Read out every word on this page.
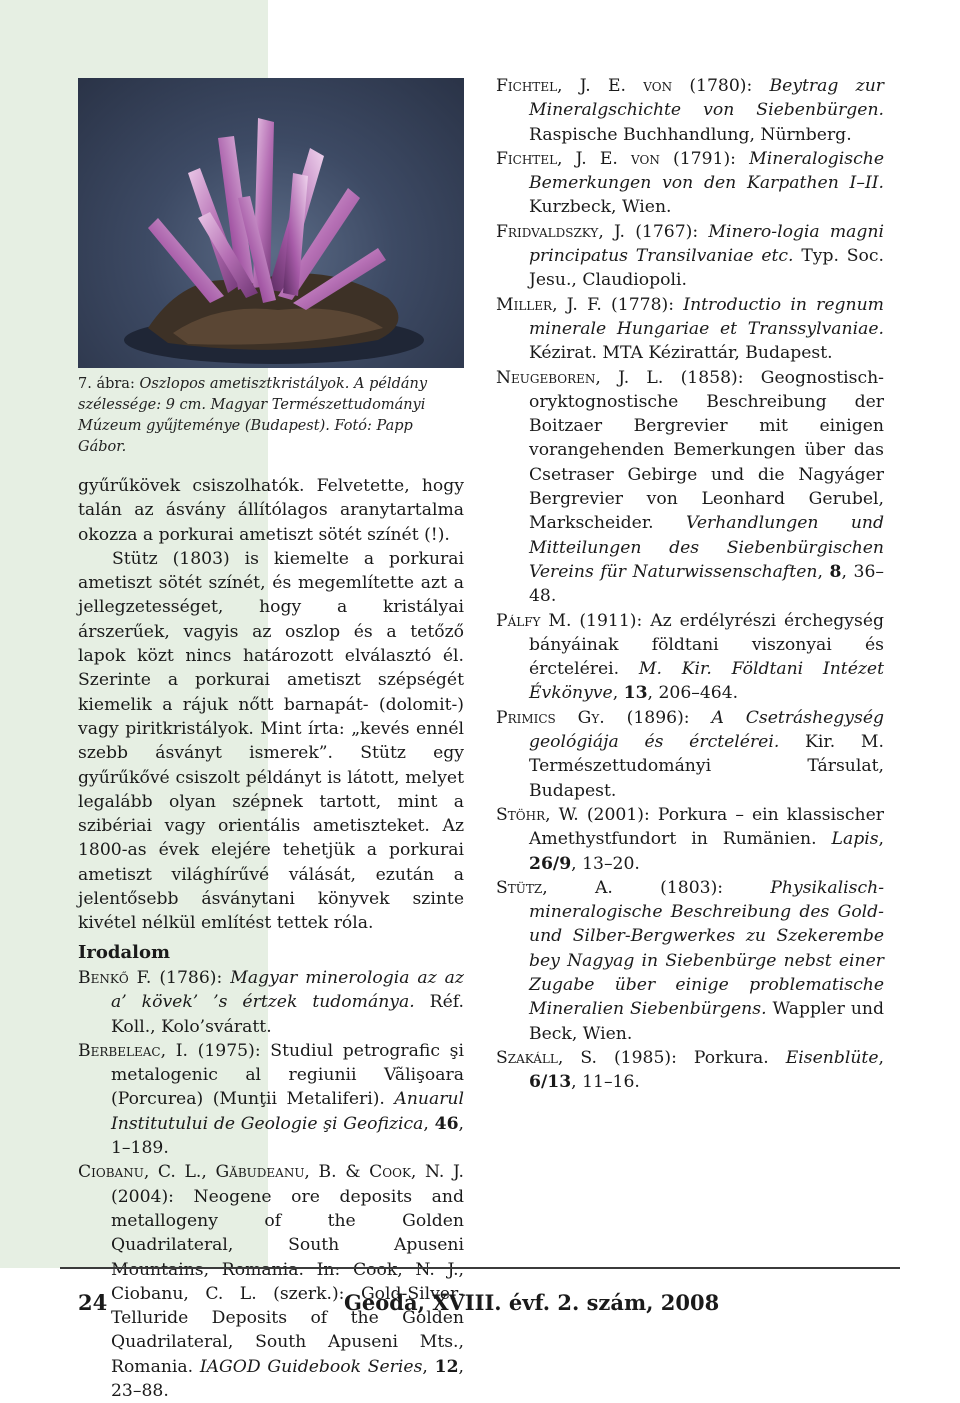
7. ábra: Oszlopos ametisztkristályok. A példány szélessége: 9 cm. Magyar Természettudományi Múzeum gyűjteménye (Budapest). Fotó: Papp Gábor.

gyűrűkövek csiszolhatók. Felvetette, hogy talán az ásvány állítólagos aranytartalma okozza a porkurai ametiszt sötét színét (!).

Stütz (1803) is kiemelte a porkurai ametiszt sötét színét, és megemlítette azt a jellegzetességet, hogy a kristályai árszerűek, vagyis az oszlop és a tetőző lapok közt nincs határozott elválasztó él. Szerinte a porkurai ametiszt szépségét kiemelik a rájuk nőtt barnapát- (dolomit-) vagy piritkristályok. Mint írta: „kevés ennél szebb ásványt ismerek”. Stütz egy gyűrűkővé csiszolt példányt is látott, melyet legalább olyan szépnek tartott, mint a szibériai vagy orientális ametiszteket. Az 1800-as évek elejére tehetjük a porkurai ametiszt világhírűvé válását, ezután a jelentősebb ásványtani könyvek szinte kivétel nélkül említést tettek róla.

Irodalom

Benkő F. (1786): Magyar minerologia az az a’ kövek’ ’s értzek tudománya. Réf. Koll., Kolo’sváratt.

Berbeleac, I. (1975): Studiul petrografic şi metalogenic al regiunii Vãlişoara (Porcurea) (Munţii Metaliferi). Anuarul Institutului de Geologie şi Geofizica, 46, 1–189.

Ciobanu, C. L., Găbudeanu, B. & Cook, N. J. (2004): Neogene ore deposits and metallogeny of the Golden Quadrilateral, South Apuseni Mountains, Romania. In: Cook, N. J., Ciobanu, C. L. (szerk.): Gold-Silver-Telluride Deposits of the Golden Quadrilateral, South Apuseni Mts., Romania. IAGOD Guidebook Series, 12, 23–88.

Fichtel, J. E. von (1780): Beytrag zur Mineralgschichte von Siebenbürgen. Raspische Buchhandlung, Nürnberg.

Fichtel, J. E. von (1791): Mineralogische Bemerkungen von den Karpathen I–II. Kurzbeck, Wien.

Fridvaldszky, J. (1767): Minero-logia magni principatus Transilvaniae etc. Typ. Soc. Jesu., Claudiopoli.

Miller, J. F. (1778): Introductio in regnum minerale Hungariae et Transsylvaniae. Kézirat. MTA Kézirattár, Budapest.

Neugeboren, J. L. (1858): Geognostisch-oryktognostische Beschreibung der Boitzaer Bergrevier mit einigen vorangehenden Bemerkungen über das Csetraser Gebirge und die Nagyáger Bergrevier von Leonhard Gerubel, Markscheider. Verhandlungen und Mitteilungen des Siebenbürgischen Vereins für Naturwissenschaften, 8, 36–48.

Pálfy M. (1911): Az erdélyrészi érchegység bányáinak földtani viszonyai és érctelérei. M. Kir. Földtani Intézet Évkönyve, 13, 206–464.

Primics Gy. (1896): A Csetráshegység geológiája és érctelérei. Kir. M. Természettudományi Társulat, Budapest.

Stöhr, W. (2001): Porkura – ein klassischer Amethystfundort in Rumänien. Lapis, 26/9, 13–20.

Stütz, A. (1803): Physikalisch-mineralogische Beschreibung des Gold- und Silber-Bergwerkes zu Szekerembe bey Nagyag in Siebenbürge nebst einer Zugabe über einige problematische Mineralien Siebenbürgens. Wappler und Beck, Wien.

Szakáll, S. (1985): Porkura. Eisenblüte, 6/13, 11–16.

24	Geoda, XVIII. évf. 2. szám, 2008
